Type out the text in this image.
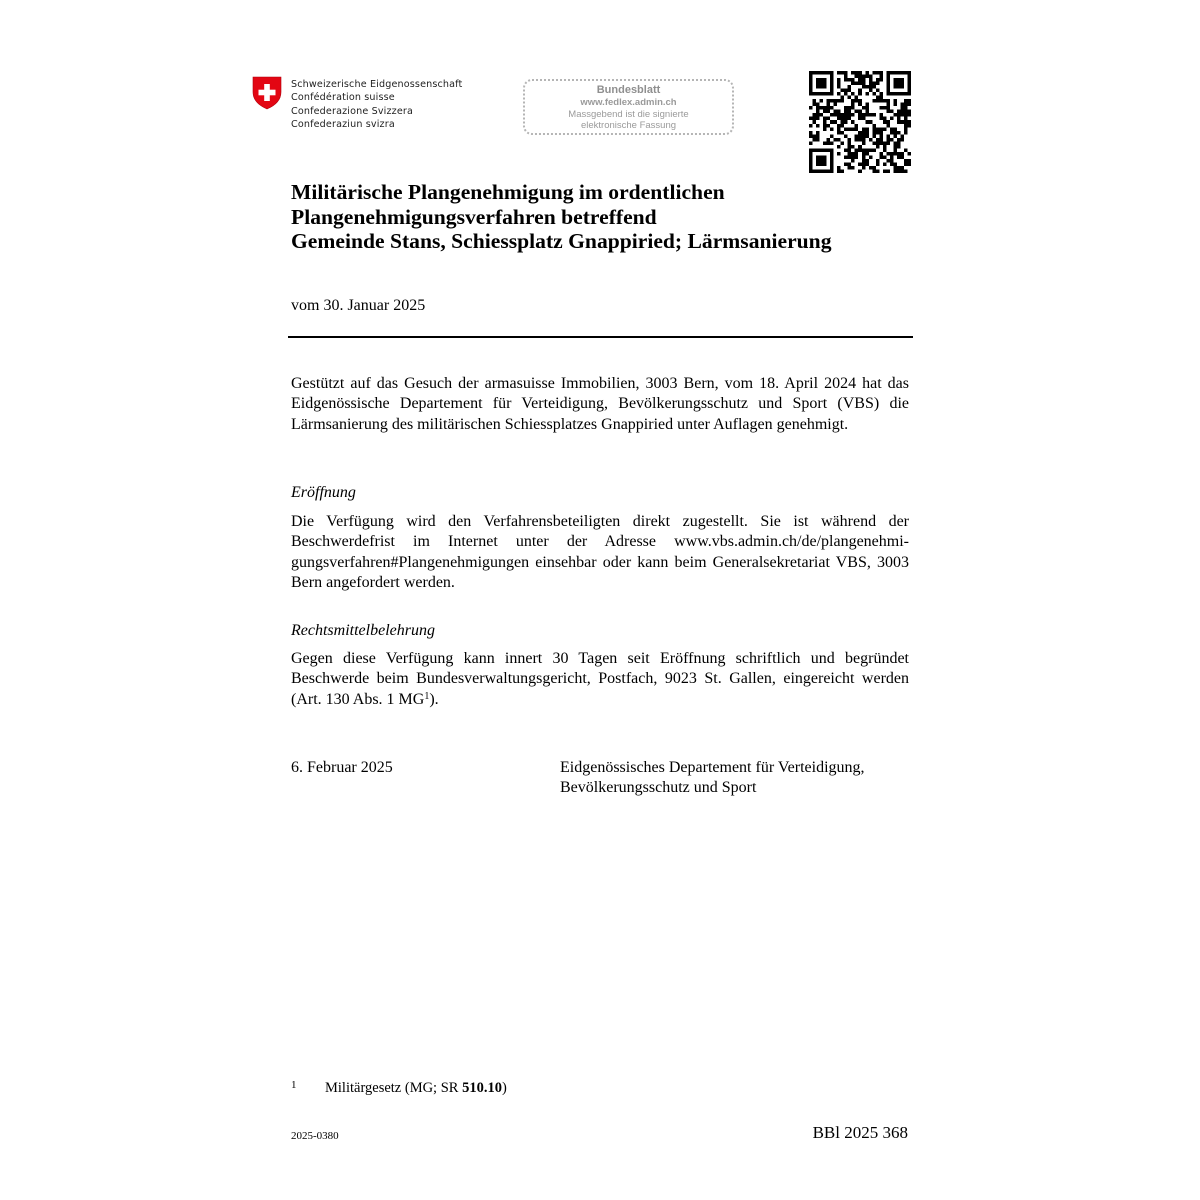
Schweizerische Eidgenossenschaft
Confédération suisse
Confederazione Svizzera
Confederaziun svizra
Bundesblatt
www.fedlex.admin.ch
Massgebend ist die signierte
elektronische Fassung
Militärische Plangenehmigung im ordentlichen
Plangenehmigungsverfahren betreffend
Gemeinde Stans, Schiessplatz Gnappiried; Lärmsanierung
vom 30. Januar 2025
Gestützt auf das Gesuch der armasuisse Immobilien, 3003 Bern, vom 18. April 2024 hat das Eidgenössische Departement für Verteidigung, Bevölkerungsschutz und Sport (VBS) die Lärmsanierung des militärischen Schiessplatzes Gnappiried unter Auflagen genehmigt.
Eröffnung
Die Verfügung wird den Verfahrensbeteiligten direkt zugestellt. Sie ist während der Beschwerdefrist im Internet unter der Adresse www.vbs.admin.ch/de/plangenehmigungsverfahren#Plangenehmigungen einsehbar oder kann beim Generalsekretariat VBS, 3003 Bern angefordert werden.
Rechtsmittelbelehrung
Gegen diese Verfügung kann innert 30 Tagen seit Eröffnung schriftlich und begründet Beschwerde beim Bundesverwaltungsgericht, Postfach, 9023 St. Gallen, eingereicht werden (Art. 130 Abs. 1 $MG^1$).
6. Februar 2025	Eidgenössisches Departement für Verteidigung,
Bevölkerungsschutz und Sport
1 Militärgesetz (MG; SR 510.10)
2025-0380	BBl 2025 368
